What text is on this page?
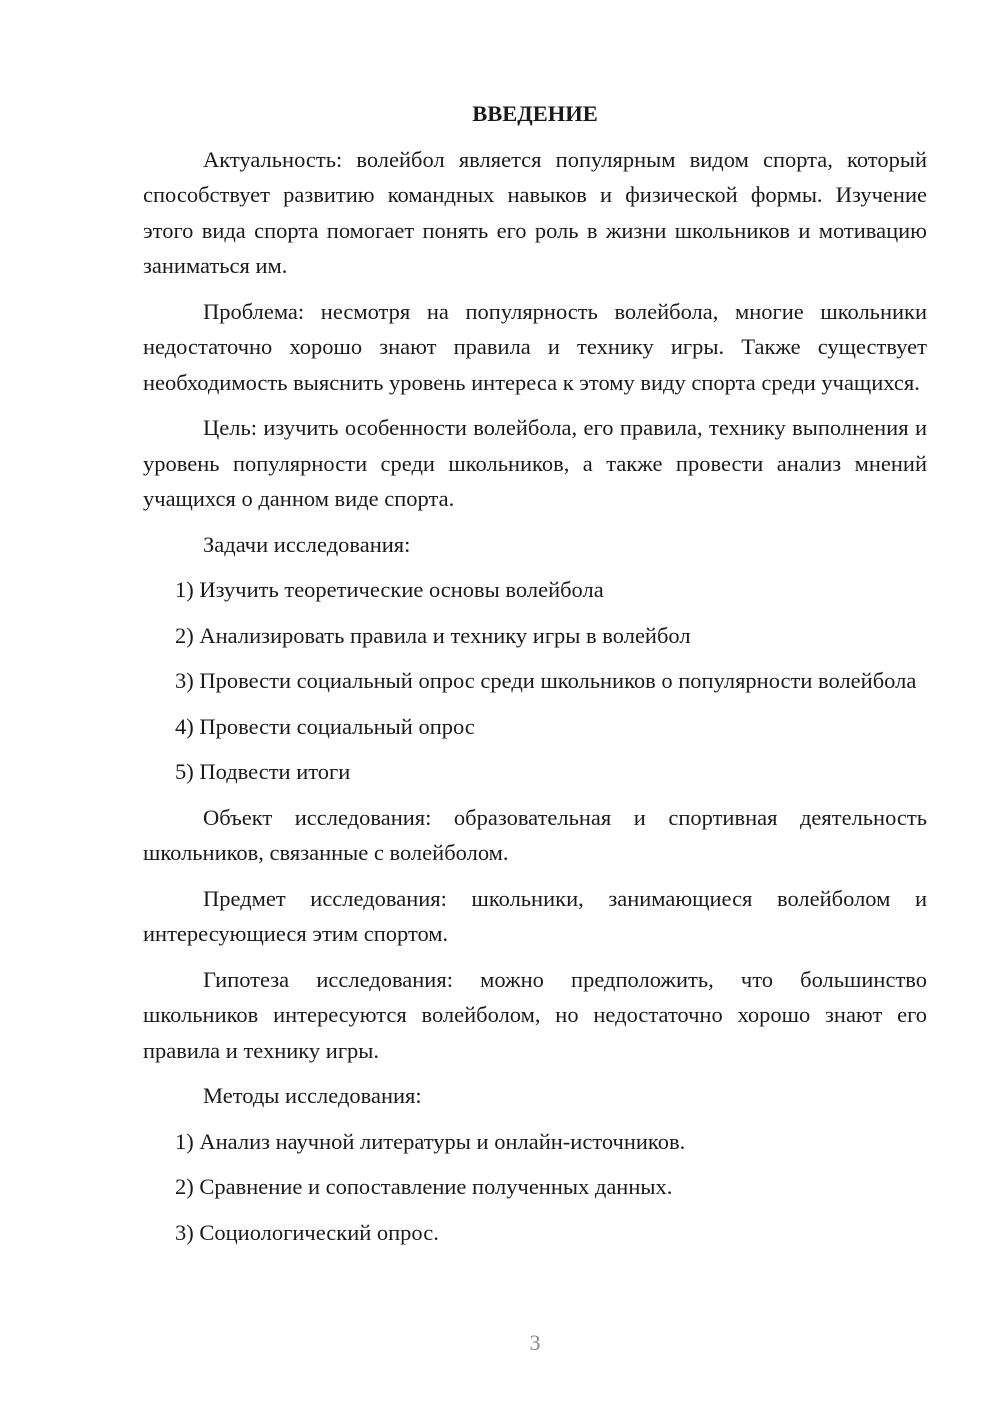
ВВЕДЕНИЕ

Актуальность: волейбол является популярным видом спорта, который способствует развитию командных навыков и физической формы. Изучение этого вида спорта помогает понять его роль в жизни школьников и мотивацию заниматься им.

Проблема: несмотря на популярность волейбола, многие школьники недостаточно хорошо знают правила и технику игры. Также существует необходимость выяснить уровень интереса к этому виду спорта среди учащихся.

Цель: изучить особенности волейбола, его правила, технику выполнения и уровень популярности среди школьников, а также провести анализ мнений учащихся о данном виде спорта.

Задачи исследования:

1) Изучить теоретические основы волейбола

2) Анализировать правила и технику игры в волейбол

3) Провести социальный опрос среди школьников о популярности волейбола

4) Провести социальный опрос

5) Подвести итоги

Объект исследования: образовательная и спортивная деятельность школьников, связанные с волейболом.

Предмет исследования: школьники, занимающиеся волейболом и интересующиеся этим спортом.

Гипотеза исследования: можно предположить, что большинство школьников интересуются волейболом, но недостаточно хорошо знают его правила и технику игры.

Методы исследования:

1) Анализ научной литературы и онлайн-источников.

2) Сравнение и сопоставление полученных данных.

3) Социологический опрос.

3
